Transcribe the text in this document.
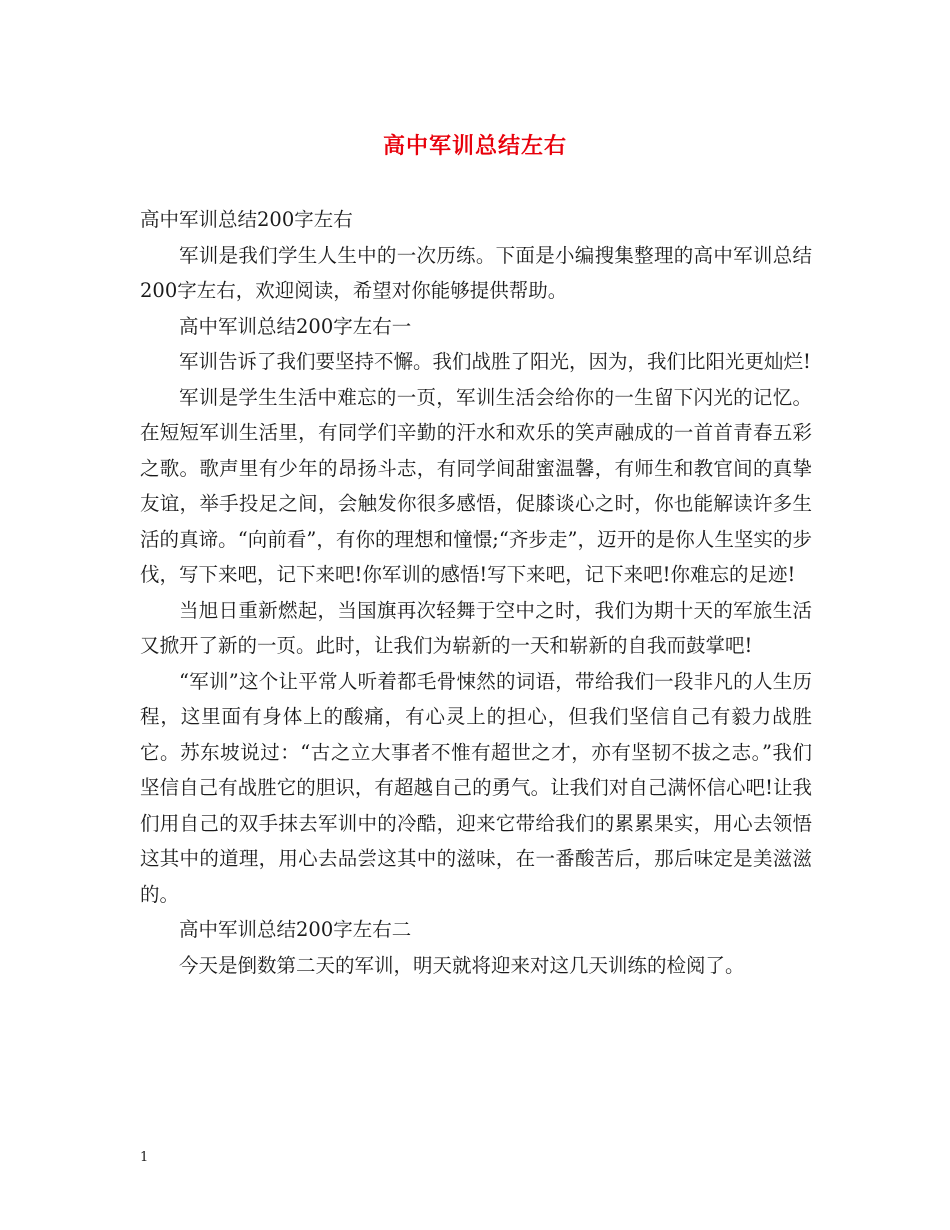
高中军训总结左右

高中军训总结200字左右

军训是我们学生人生中的一次历练。下面是小编搜集整理的高中军训总结200字左右，欢迎阅读，希望对你能够提供帮助。

高中军训总结200字左右一

军训告诉了我们要坚持不懈。我们战胜了阳光，因为，我们比阳光更灿烂!

军训是学生生活中难忘的一页，军训生活会给你的一生留下闪光的记忆。在短短军训生活里，有同学们辛勤的汗水和欢乐的笑声融成的一首首青春五彩之歌。歌声里有少年的昂扬斗志，有同学间甜蜜温馨，有师生和教官间的真挚友谊，举手投足之间，会触发你很多感悟，促膝谈心之时，你也能解读许多生活的真谛。“向前看”，有你的理想和憧憬;“齐步走”，迈开的是你人生坚实的步伐，写下来吧，记下来吧!你军训的感悟!写下来吧，记下来吧!你难忘的足迹!

当旭日重新燃起，当国旗再次轻舞于空中之时，我们为期十天的军旅生活又掀开了新的一页。此时，让我们为崭新的一天和崭新的自我而鼓掌吧!

“军训”这个让平常人听着都毛骨悚然的词语，带给我们一段非凡的人生历程，这里面有身体上的酸痛，有心灵上的担心，但我们坚信自己有毅力战胜它。苏东坡说过：“古之立大事者不惟有超世之才，亦有坚韧不拔之志。”我们坚信自己有战胜它的胆识，有超越自己的勇气。让我们对自己满怀信心吧!让我们用自己的双手抹去军训中的冷酷，迎来它带给我们的累累果实，用心去领悟这其中的道理，用心去品尝这其中的滋味，在一番酸苦后，那后味定是美滋滋的。

高中军训总结200字左右二

今天是倒数第二天的军训，明天就将迎来对这几天训练的检阅了。

1
